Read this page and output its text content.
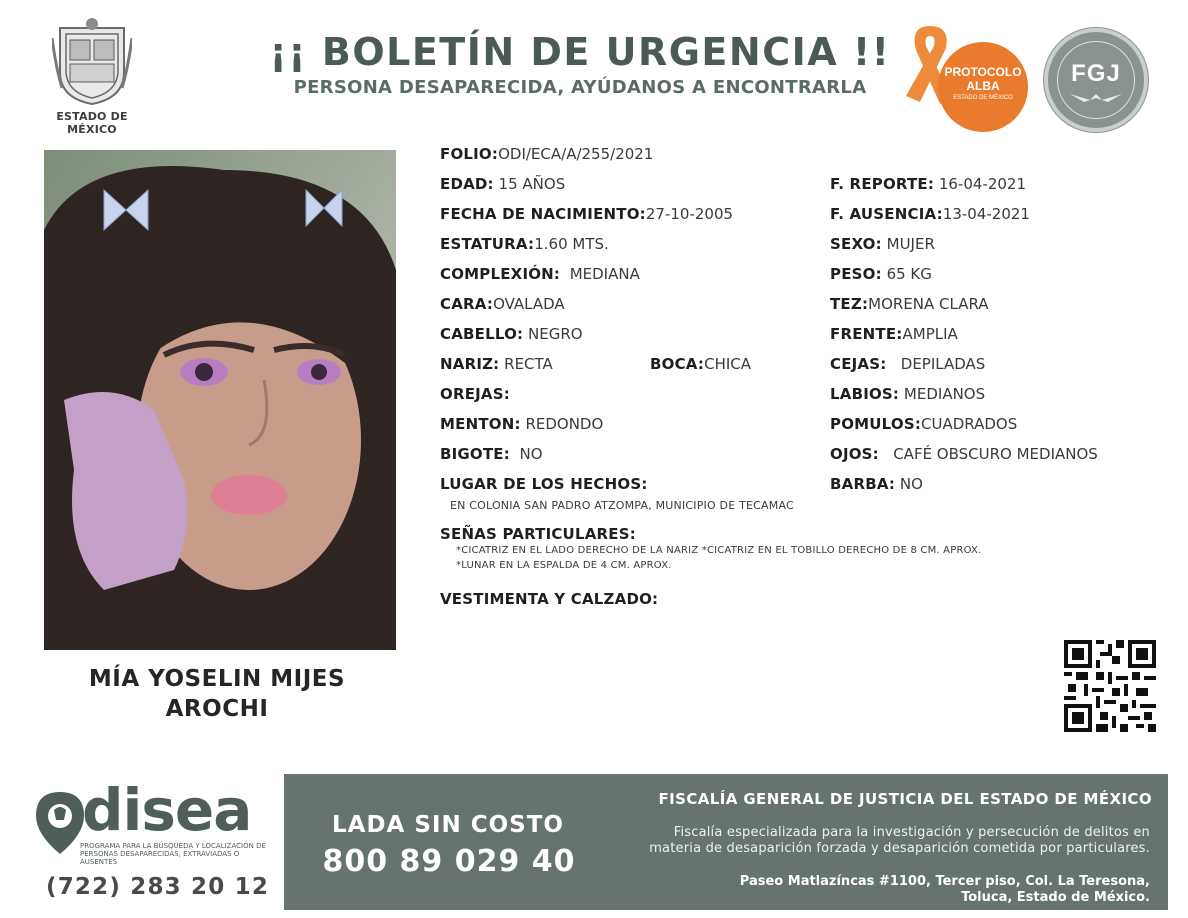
ESTADO DE MÉXICO
¡¡ BOLETÍN DE URGENCIA !!
PERSONA DESAPARECIDA, AYÚDANOS A ENCONTRARLA
PROTOCOLO
ALBA
ESTADO DE MÉXICO
FGJ
MÍA YOSELIN MIJES
AROCHI
FOLIO:ODI/ECA/A/255/2021
EDAD: 15 AÑOS
FECHA DE NACIMIENTO:27-10-2005
ESTATURA:1.60 MTS.
COMPLEXIÓN: MEDIANA
CARA:OVALADA
CABELLO: NEGRO
NARIZ: RECTA	BOCA:CHICA
OREJAS:
MENTON: REDONDO
BIGOTE: NO
LUGAR DE LOS HECHOS:
EN COLONIA SAN PADRO ATZOMPA, MUNICIPIO DE TECAMAC
F. REPORTE: 16-04-2021
F. AUSENCIA:13-04-2021
SEXO: MUJER
PESO: 65 KG
TEZ:MORENA CLARA
FRENTE:AMPLIA
CEJAS: DEPILADAS
LABIOS: MEDIANOS
POMULOS:CUADRADOS
OJOS: CAFÉ OBSCURO MEDIANOS
BARBA: NO
SEÑAS PARTICULARES:
*CICATRIZ EN EL LADO DERECHO DE LA NARIZ *CICATRIZ EN EL TOBILLO DERECHO DE 8 CM. APROX.
*LUNAR EN LA ESPALDA DE 4 CM. APROX.
VESTIMENTA Y CALZADO:
disea
PROGRAMA PARA LA BÚSQUEDA Y LOCALIZACIÓN DE PERSONAS DESAPARECIDAS, EXTRAVIADAS O AUSENTES
(722) 283 20 12
LADA SIN COSTO
800 89 029 40
FISCALÍA GENERAL DE JUSTICIA DEL ESTADO DE MÉXICO
Fiscalía especializada para la investigación y persecución de delitos en
materia de desaparición forzada y desaparición cometida por particulares.
Paseo Matlazíncas #1100, Tercer piso, Col. La Teresona,
Toluca, Estado de México.
